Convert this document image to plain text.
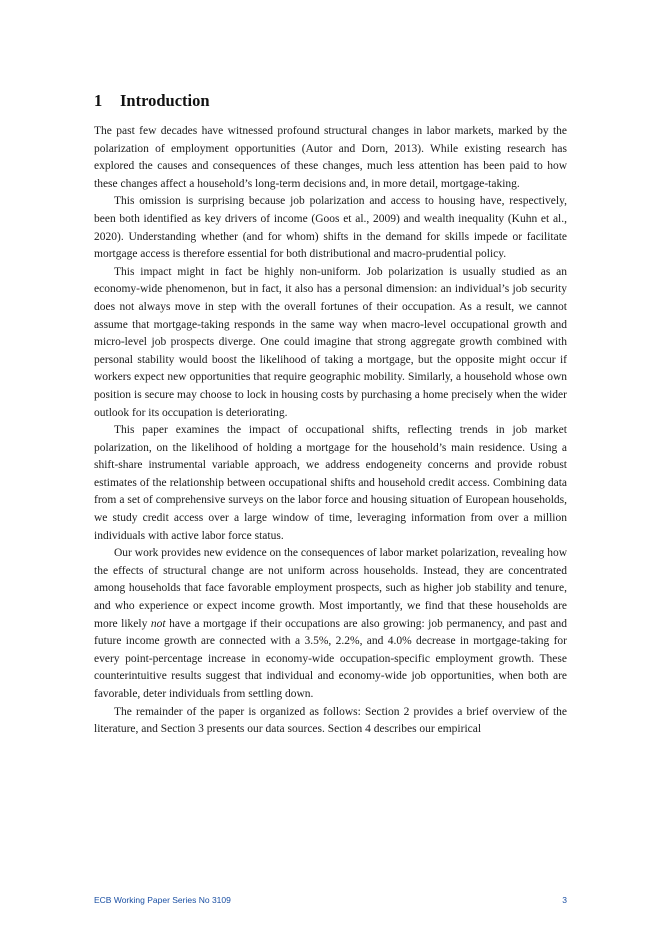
1 Introduction

The past few decades have witnessed profound structural changes in labor markets, marked by the polarization of employment opportunities (Autor and Dorn, 2013). While existing research has explored the causes and consequences of these changes, much less attention has been paid to how these changes affect a household’s long-term decisions and, in more detail, mortgage-taking.

This omission is surprising because job polarization and access to housing have, respectively, been both identified as key drivers of income (Goos et al., 2009) and wealth inequality (Kuhn et al., 2020). Understanding whether (and for whom) shifts in the demand for skills impede or facilitate mortgage access is therefore essential for both distributional and macro-prudential policy.

This impact might in fact be highly non-uniform. Job polarization is usually studied as an economy-wide phenomenon, but in fact, it also has a personal dimension: an individual’s job security does not always move in step with the overall fortunes of their occupation. As a result, we cannot assume that mortgage-taking responds in the same way when macro-level occupational growth and micro-level job prospects diverge. One could imagine that strong aggregate growth combined with personal stability would boost the likelihood of taking a mortgage, but the opposite might occur if workers expect new opportunities that require geographic mobility. Similarly, a household whose own position is secure may choose to lock in housing costs by purchasing a home precisely when the wider outlook for its occupation is deteriorating.

This paper examines the impact of occupational shifts, reflecting trends in job market polarization, on the likelihood of holding a mortgage for the household’s main residence. Using a shift-share instrumental variable approach, we address endogeneity concerns and provide robust estimates of the relationship between occupational shifts and household credit access. Combining data from a set of comprehensive surveys on the labor force and housing situation of European households, we study credit access over a large window of time, leveraging information from over a million individuals with active labor force status.

Our work provides new evidence on the consequences of labor market polarization, revealing how the effects of structural change are not uniform across households. Instead, they are concentrated among households that face favorable employment prospects, such as higher job stability and tenure, and who experience or expect income growth. Most importantly, we find that these households are more likely not have a mortgage if their occupations are also growing: job permanency, and past and future income growth are connected with a 3.5%, 2.2%, and 4.0% decrease in mortgage-taking for every point-percentage increase in economy-wide occupation-specific employment growth. These counterintuitive results suggest that individual and economy-wide job opportunities, when both are favorable, deter individuals from settling down.

The remainder of the paper is organized as follows: Section 2 provides a brief overview of the literature, and Section 3 presents our data sources. Section 4 describes our empirical

ECB Working Paper Series No 3109	3
